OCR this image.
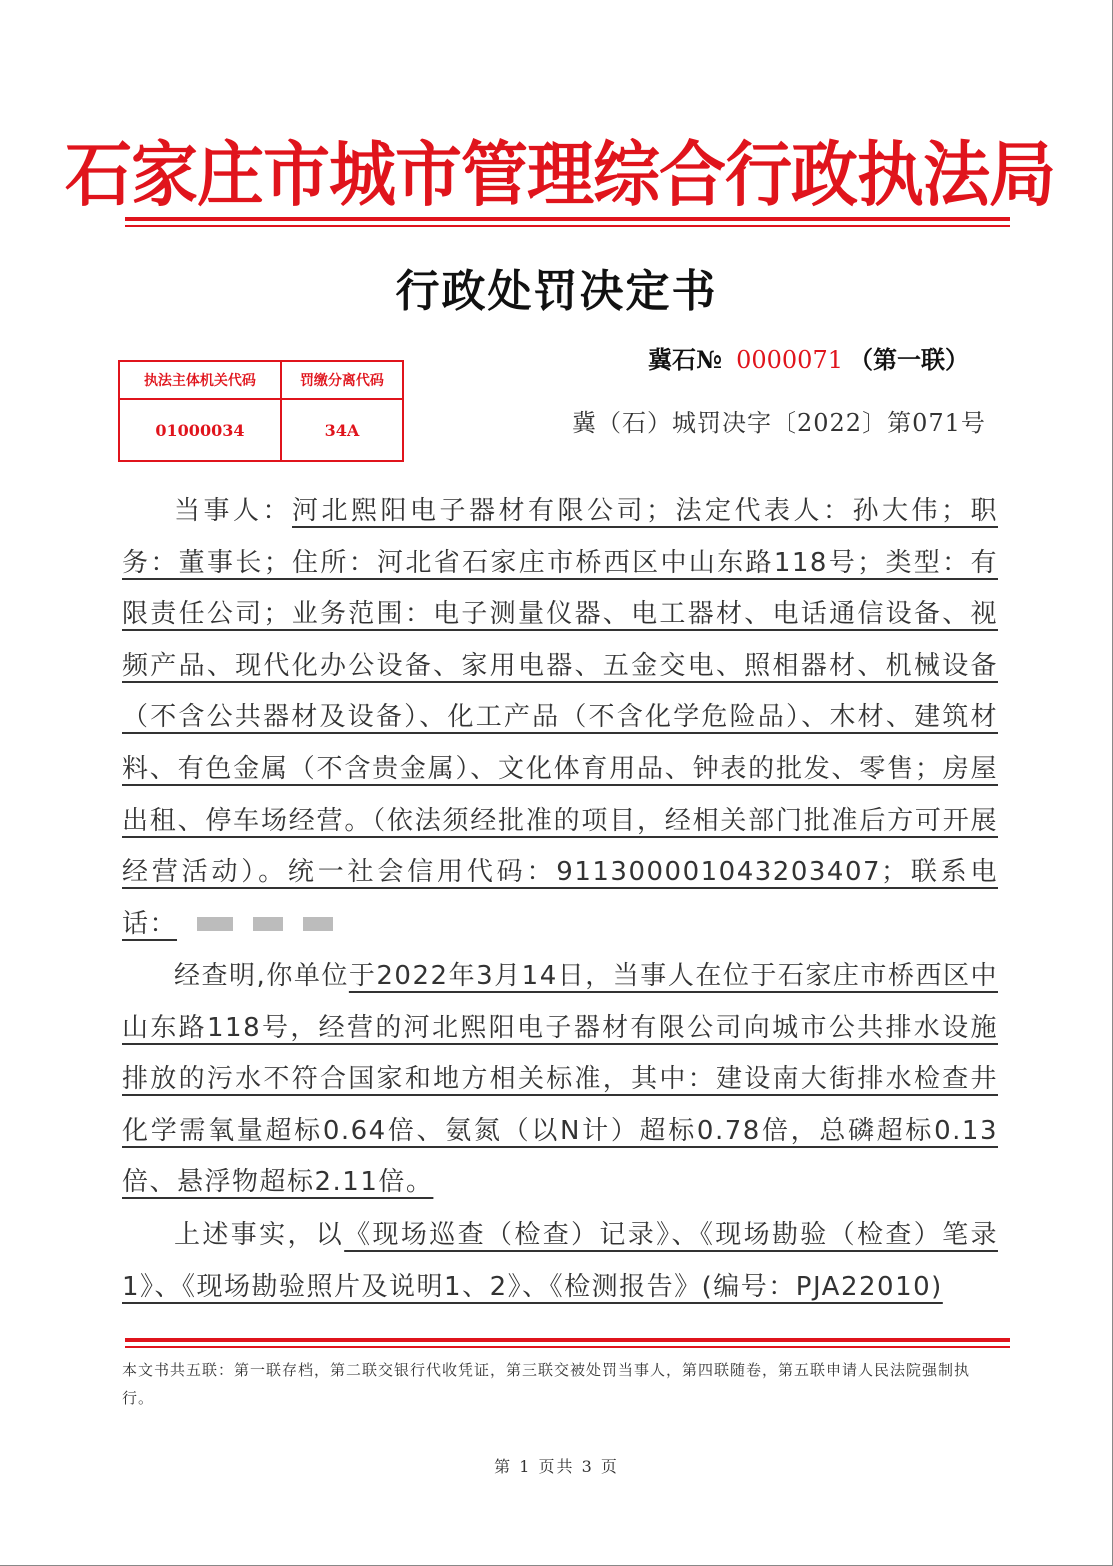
石家庄市城市管理综合行政执法局
行政处罚决定书
冀石№ 0000071 （第一联）
冀（石）城罚决字〔2022〕第071号
执法主体机关代码	罚缴分离代码
01000034	34A

当事人：河北熙阳电子器材有限公司；法定代表人：孙大伟；职务：董事长；住所：河北省石家庄市桥西区中山东路118号；类型：有限责任公司；业务范围：电子测量仪器、电工器材、电话通信设备、视频产品、现代化办公设备、家用电器、五金交电、照相器材、机械设备（不含公共器材及设备）、化工产品（不含化学危险品）、木材、建筑材料、有色金属（不含贵金属）、文化体育用品、钟表的批发、零售；房屋出租、停车场经营。（依法须经批准的项目，经相关部门批准后方可开展经营活动）。统一社会信用代码：911300001043203407；联系电话：

经查明,你单位于2022年3月14日，当事人在位于石家庄市桥西区中山东路118号，经营的河北熙阳电子器材有限公司向城市公共排水设施排放的污水不符合国家和地方相关标准，其中：建设南大街排水检查井化学需氧量超标0.64倍、氨氮（以N计）超标0.78倍，总磷超标0.13倍、悬浮物超标2.11倍。

上述事实，以《现场巡查（检查）记录》、《现场勘验（检查）笔录1》、《现场勘验照片及说明1、2》、《检测报告》(编号：PJA22010)

本文书共五联：第一联存档，第二联交银行代收凭证，第三联交被处罚当事人，第四联随卷，第五联申请人民法院强制执行。

第 1 页共 3 页
